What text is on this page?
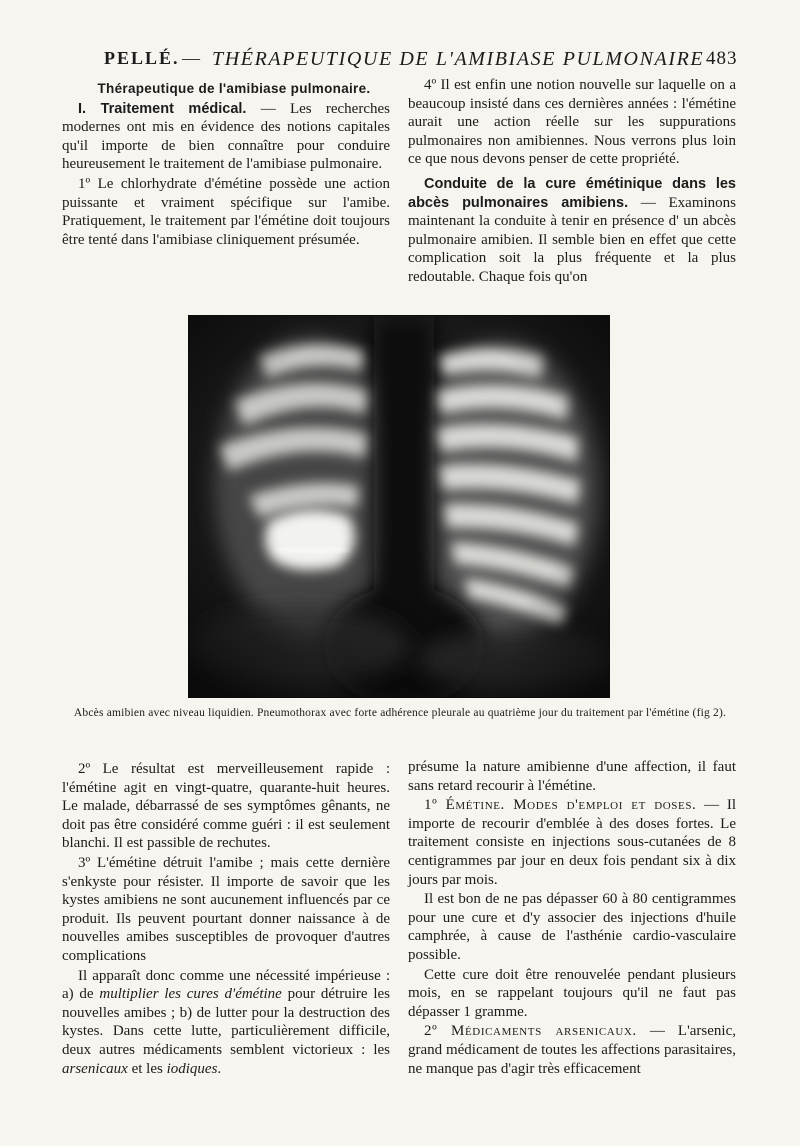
PELLÉ. — THÉRAPEUTIQUE DE L'AMIBIASE PULMONAIRE 483

Thérapeutique de l'amibiase pulmonaire.

I. Traitement médical. — Les recherches modernes ont mis en évidence des notions capitales qu'il importe de bien connaître pour conduire heureusement le traitement de l'amibiase pulmonaire.

1º Le chlorhydrate d'émétine possède une action puissante et vraiment spécifique sur l'amibe. Pratiquement, le traitement par l'émétine doit toujours être tenté dans l'amibiase cliniquement présumée.

4º Il est enfin une notion nouvelle sur laquelle on a beaucoup insisté dans ces dernières années : l'émétine aurait une action réelle sur les suppurations pulmonaires non amibiennes. Nous verrons plus loin ce que nous devons penser de cette propriété.

Conduite de la cure émétinique dans les abcès pulmonaires amibiens. — Examinons maintenant la conduite à tenir en présence d' un abcès pulmonaire amibien. Il semble bien en effet que cette complication soit la plus fréquente et la plus redoutable. Chaque fois qu'on

Abcès amibien avec niveau liquidien. Pneumothorax avec forte adhérence pleurale au quatrième jour du traitement par l'émétine (fig 2).

2º Le résultat est merveilleusement rapide : l'émétine agit en vingt-quatre, quarante-huit heures. Le malade, débarrassé de ses symptômes gênants, ne doit pas être considéré comme guéri : il est seulement blanchi. Il est passible de rechutes.

3º L'émétine détruit l'amibe ; mais cette dernière s'enkyste pour résister. Il importe de savoir que les kystes amibiens ne sont aucunement influencés par ce produit. Ils peuvent pourtant donner naissance à de nouvelles amibes susceptibles de provoquer d'autres complications

Il apparaît donc comme une nécessité impérieuse : a) de multiplier les cures d'émétine pour détruire les nouvelles amibes ; b) de lutter pour la destruction des kystes. Dans cette lutte, particulièrement difficile, deux autres médicaments semblent victorieux : les arsenicaux et les iodiques.

présume la nature amibienne d'une affection, il faut sans retard recourir à l'émétine.

1º Émétine. Modes d'emploi et doses. — Il importe de recourir d'emblée à des doses fortes. Le traitement consiste en injections sous-cutanées de 8 centigrammes par jour en deux fois pendant six à dix jours par mois.

Il est bon de ne pas dépasser 60 à 80 centigrammes pour une cure et d'y associer des injections d'huile camphrée, à cause de l'asthénie cardio-vasculaire possible.

Cette cure doit être renouvelée pendant plusieurs mois, en se rappelant toujours qu'il ne faut pas dépasser 1 gramme.

2º Médicaments arsenicaux. — L'arsenic, grand médicament de toutes les affections parasitaires, ne manque pas d'agir très efficacement
